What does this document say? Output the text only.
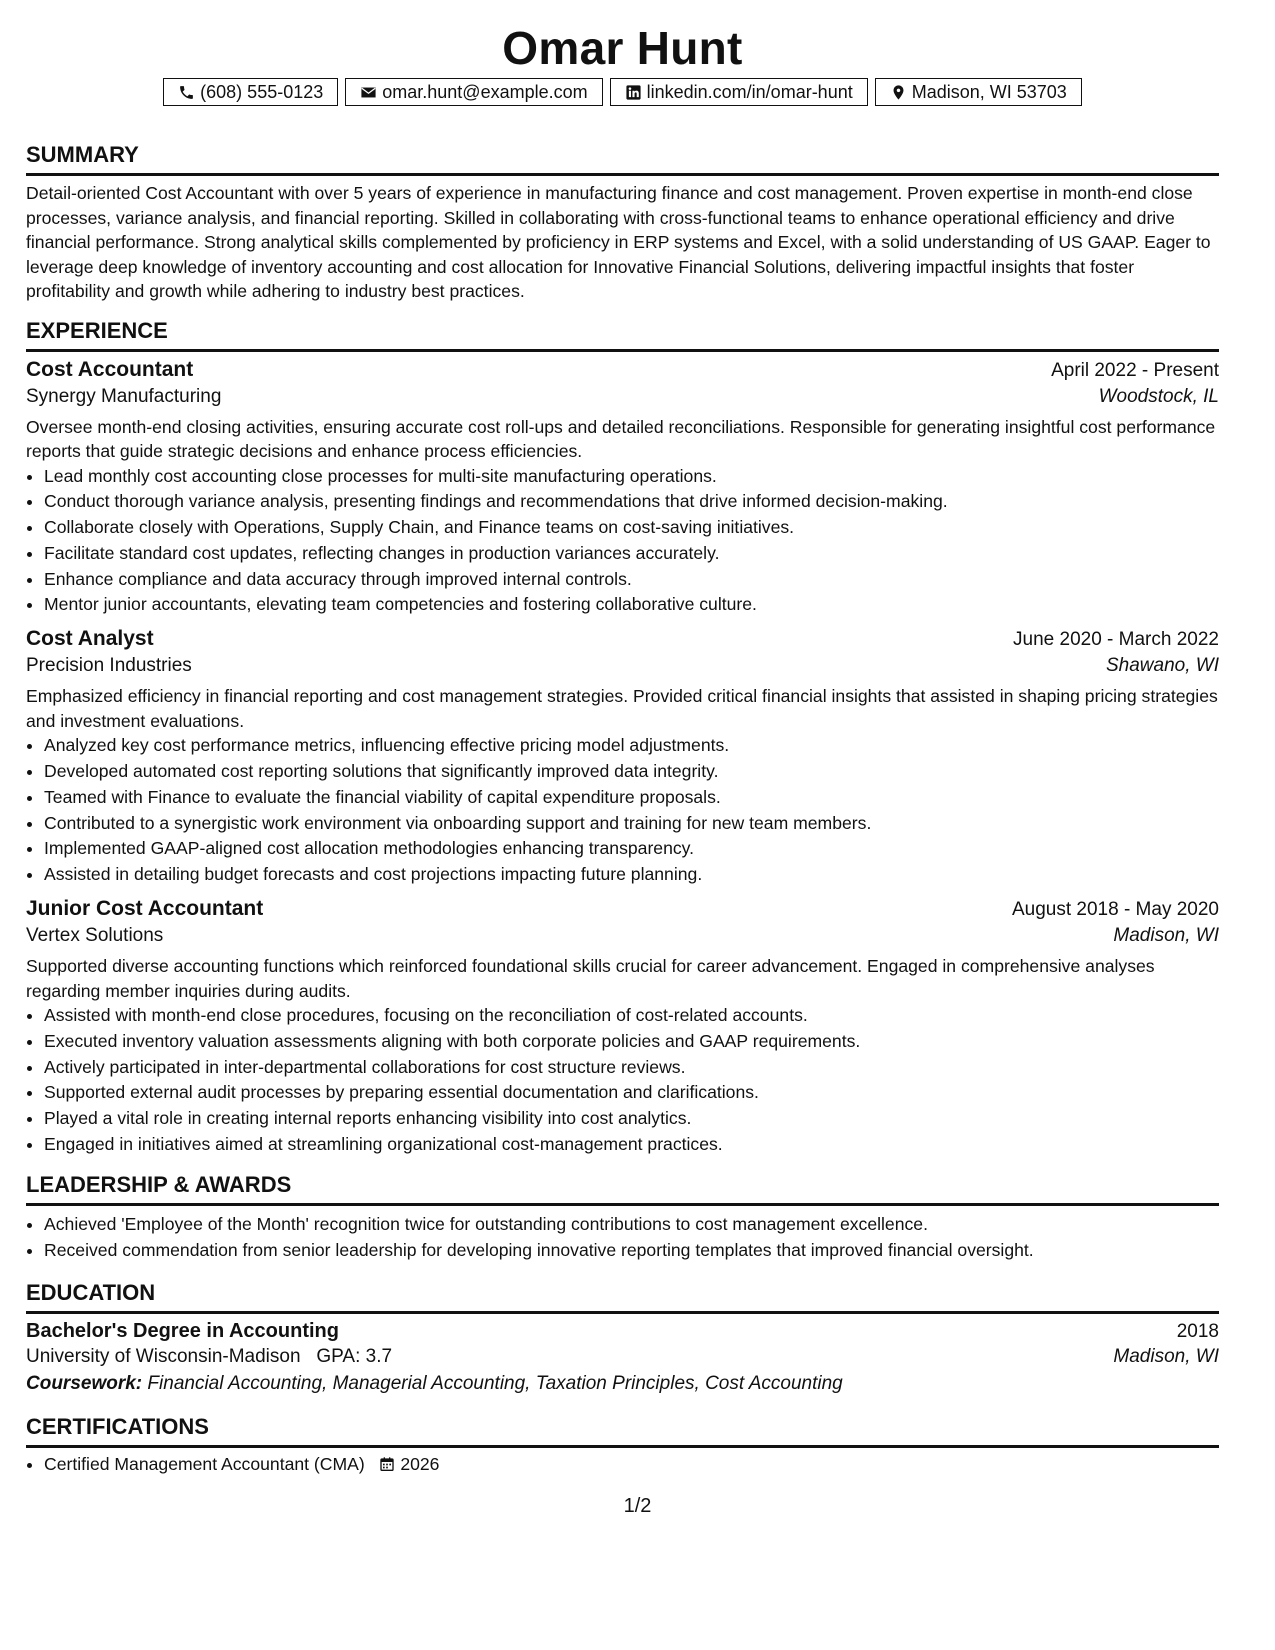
Omar Hunt
(608) 555-0123	omar.hunt@example.com	linkedin.com/in/omar-hunt	Madison, WI 53703
SUMMARY

Detail-oriented Cost Accountant with over 5 years of experience in manufacturing finance and cost management. Proven expertise in month-end close processes, variance analysis, and financial reporting. Skilled in collaborating with cross-functional teams to enhance operational efficiency and drive financial performance. Strong analytical skills complemented by proficiency in ERP systems and Excel, with a solid understanding of US GAAP. Eager to leverage deep knowledge of inventory accounting and cost allocation for Innovative Financial Solutions, delivering impactful insights that foster profitability and growth while adhering to industry best practices.

EXPERIENCE
Cost Accountant	April 2022 - Present
Synergy Manufacturing	Woodstock, IL

Oversee month-end closing activities, ensuring accurate cost roll-ups and detailed reconciliations. Responsible for generating insightful cost performance reports that guide strategic decisions and enhance process efficiencies.

• Lead monthly cost accounting close processes for multi-site manufacturing operations.
• Conduct thorough variance analysis, presenting findings and recommendations that drive informed decision-making.
• Collaborate closely with Operations, Supply Chain, and Finance teams on cost-saving initiatives.
• Facilitate standard cost updates, reflecting changes in production variances accurately.
• Enhance compliance and data accuracy through improved internal controls.
• Mentor junior accountants, elevating team competencies and fostering collaborative culture.
Cost Analyst	June 2020 - March 2022
Precision Industries	Shawano, WI

Emphasized efficiency in financial reporting and cost management strategies. Provided critical financial insights that assisted in shaping pricing strategies and investment evaluations.

• Analyzed key cost performance metrics, influencing effective pricing model adjustments.
• Developed automated cost reporting solutions that significantly improved data integrity.
• Teamed with Finance to evaluate the financial viability of capital expenditure proposals.
• Contributed to a synergistic work environment via onboarding support and training for new team members.
• Implemented GAAP-aligned cost allocation methodologies enhancing transparency.
• Assisted in detailing budget forecasts and cost projections impacting future planning.
Junior Cost Accountant	August 2018 - May 2020
Vertex Solutions	Madison, WI

Supported diverse accounting functions which reinforced foundational skills crucial for career advancement. Engaged in comprehensive analyses regarding member inquiries during audits.

• Assisted with month-end close procedures, focusing on the reconciliation of cost-related accounts.
• Executed inventory valuation assessments aligning with both corporate policies and GAAP requirements.
• Actively participated in inter-departmental collaborations for cost structure reviews.
• Supported external audit processes by preparing essential documentation and clarifications.
• Played a vital role in creating internal reports enhancing visibility into cost analytics.
• Engaged in initiatives aimed at streamlining organizational cost-management practices.
LEADERSHIP & AWARDS
• Achieved 'Employee of the Month' recognition twice for outstanding contributions to cost management excellence.
• Received commendation from senior leadership for developing innovative reporting templates that improved financial oversight.
EDUCATION
Bachelor's Degree in Accounting	2018
University of Wisconsin-Madison GPA: 3.7	Madison, WI
Coursework: Financial Accounting, Managerial Accounting, Taxation Principles, Cost Accounting
CERTIFICATIONS
• Certified Management Accountant (CMA) 2026
1/2
